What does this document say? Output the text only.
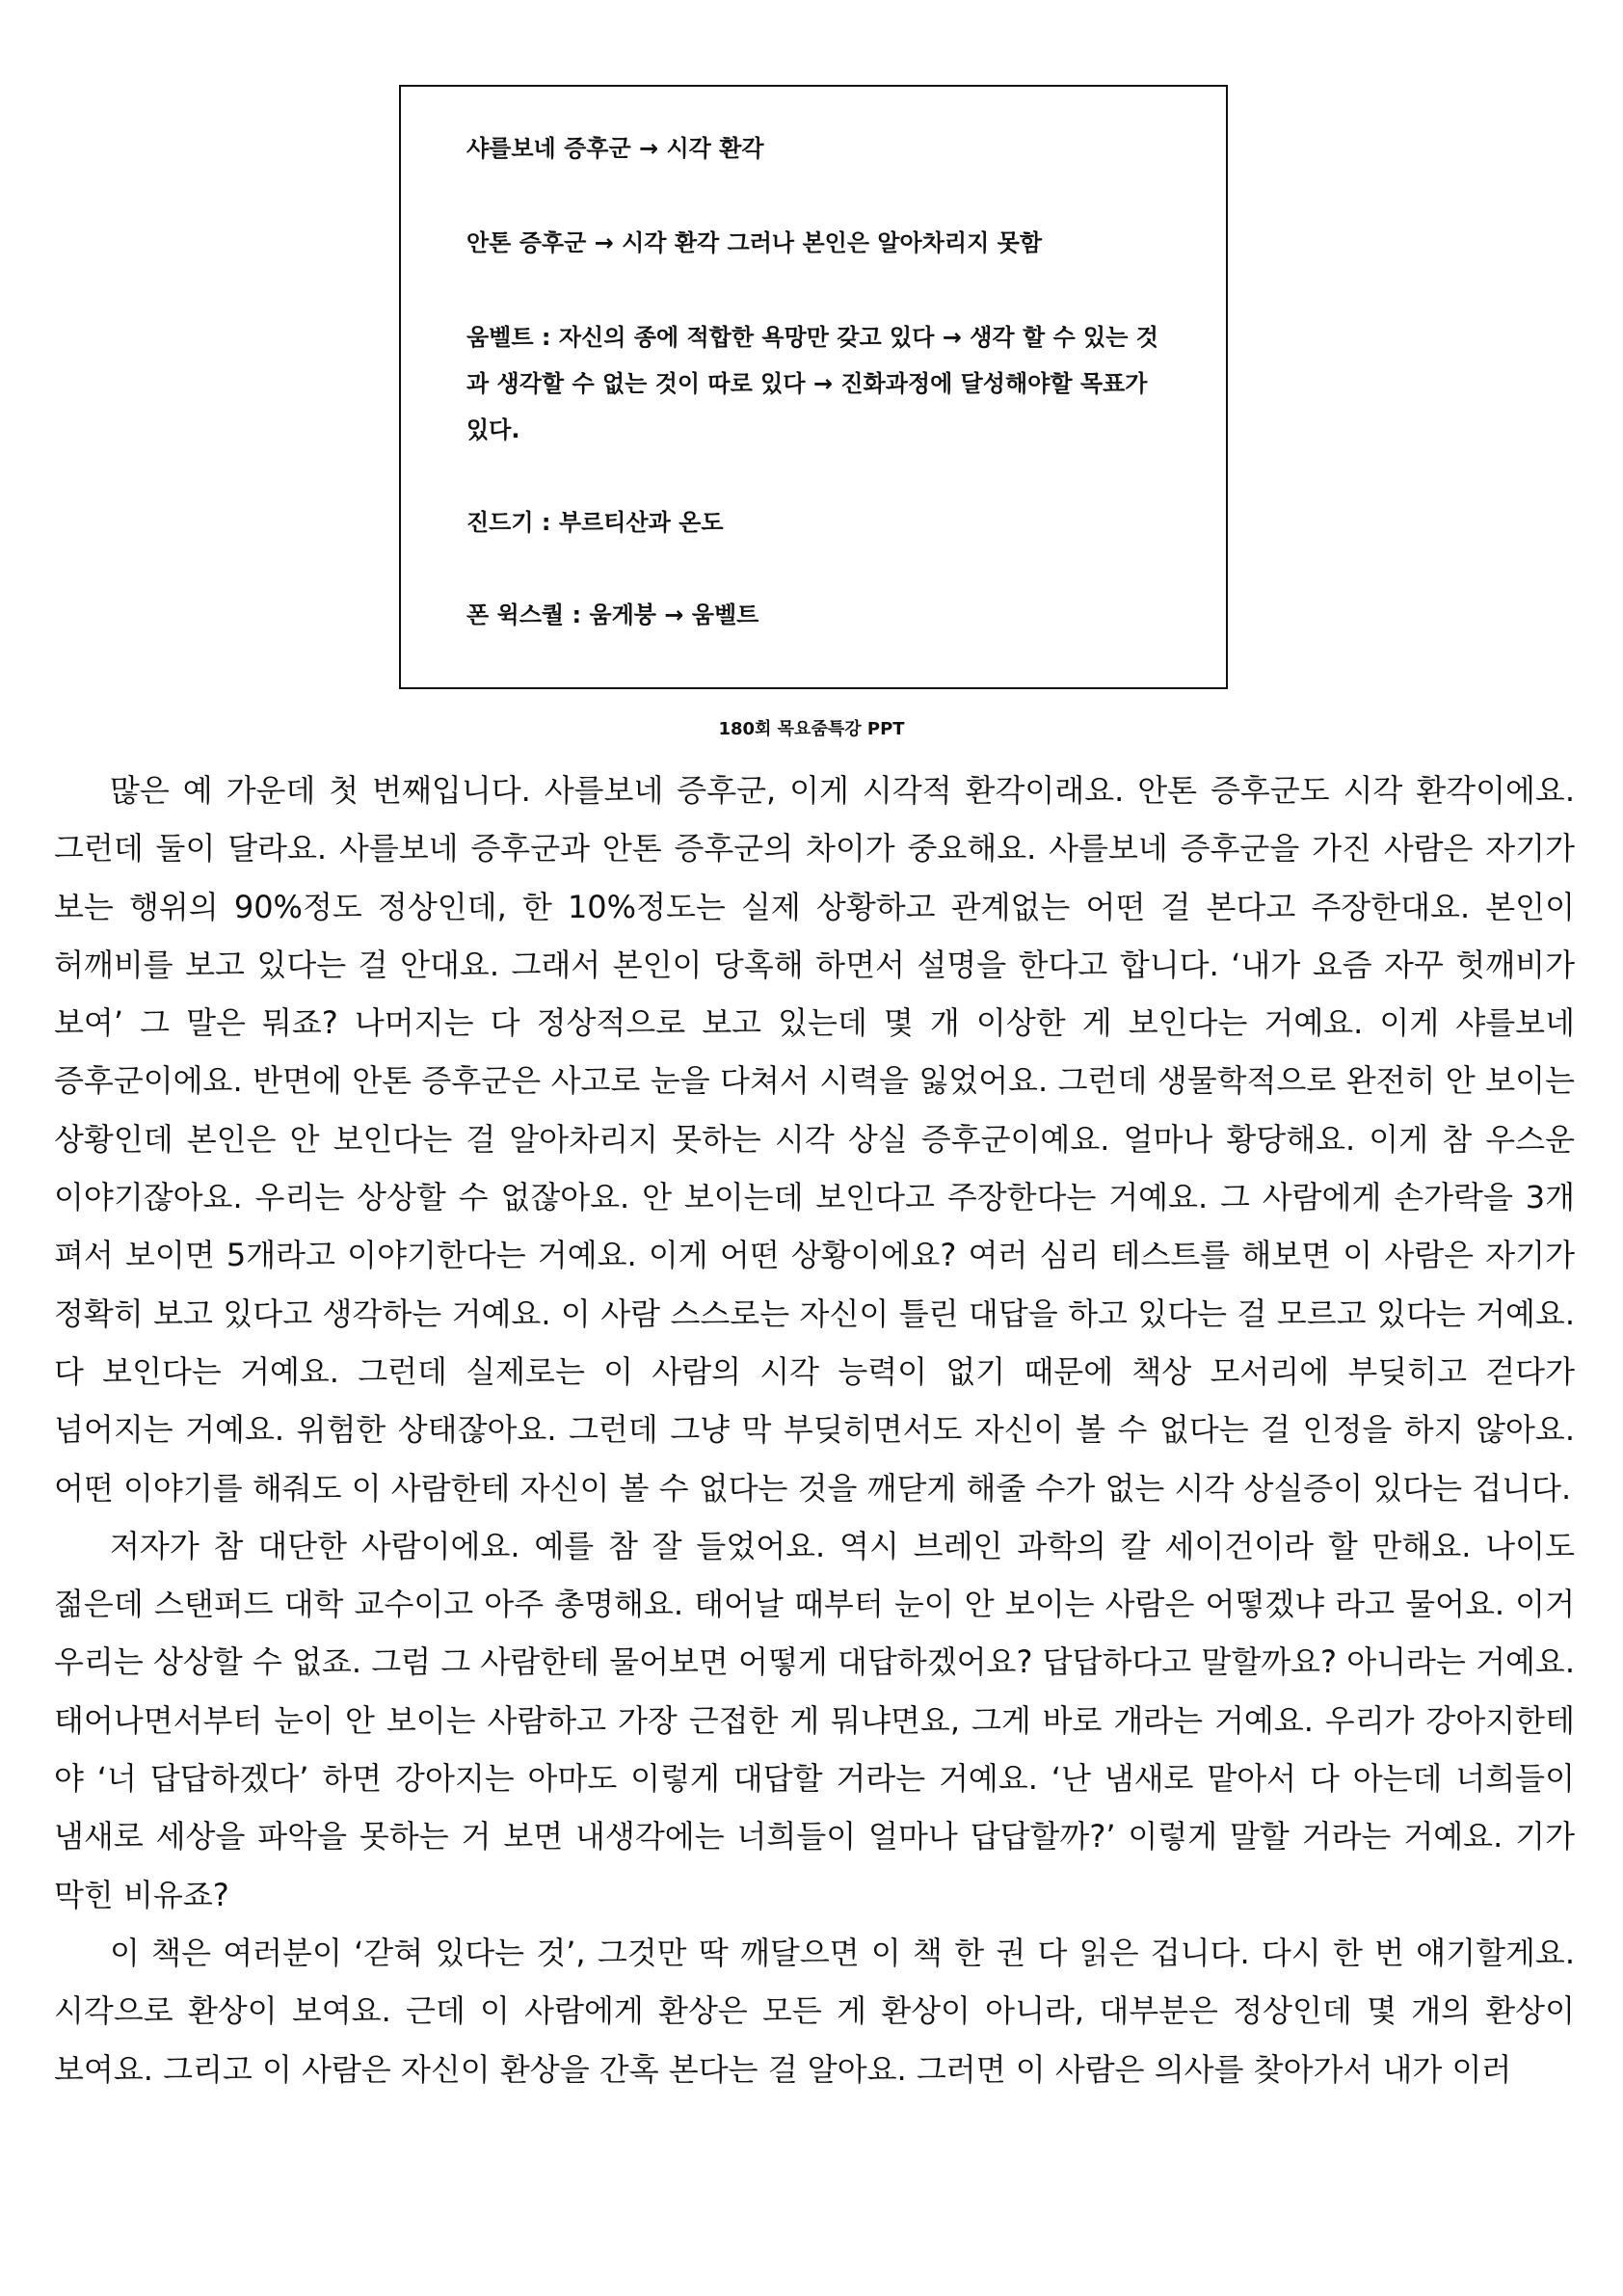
샤를보네 증후군 → 시각 환각
안톤 증후군 → 시각 환각 그러나 본인은 알아차리지 못함
움벨트 : 자신의 종에 적합한 욕망만 갖고 있다 → 생각 할 수 있는 것과 생각할 수 없는 것이 따로 있다 → 진화과정에 달성해야할 목표가 있다.
진드기 : 부르티산과 온도
폰 윅스퀄 : 움게붕 → 움벨트
180회 목요줌특강 PPT

많은 예 가운데 첫 번째입니다. 사를보네 증후군, 이게 시각적 환각이래요. 안톤 증후군도 시각 환각이에요. 그런데 둘이 달라요. 사를보네 증후군과 안톤 증후군의 차이가 중요해요. 사를보네 증후군을 가진 사람은 자기가 보는 행위의 90%정도 정상인데, 한 10%정도는 실제 상황하고 관계없는 어떤 걸 본다고 주장한대요. 본인이 허깨비를 보고 있다는 걸 안대요. 그래서 본인이 당혹해 하면서 설명을 한다고 합니다. ‘내가 요즘 자꾸 헛깨비가 보여’ 그 말은 뭐죠? 나머지는 다 정상적으로 보고 있는데 몇 개 이상한 게 보인다는 거예요. 이게 샤를보네 증후군이에요. 반면에 안톤 증후군은 사고로 눈을 다쳐서 시력을 잃었어요. 그런데 생물학적으로 완전히 안 보이는 상황인데 본인은 안 보인다는 걸 알아차리지 못하는 시각 상실 증후군이예요. 얼마나 황당해요. 이게 참 우스운 이야기잖아요. 우리는 상상할 수 없잖아요. 안 보이는데 보인다고 주장한다는 거예요. 그 사람에게 손가락을 3개 펴서 보이면 5개라고 이야기한다는 거예요. 이게 어떤 상황이에요? 여러 심리 테스트를 해보면 이 사람은 자기가 정확히 보고 있다고 생각하는 거예요. 이 사람 스스로는 자신이 틀린 대답을 하고 있다는 걸 모르고 있다는 거예요. 다 보인다는 거예요. 그런데 실제로는 이 사람의 시각 능력이 없기 때문에 책상 모서리에 부딪히고 걷다가 넘어지는 거예요. 위험한 상태잖아요. 그런데 그냥 막 부딪히면서도 자신이 볼 수 없다는 걸 인정을 하지 않아요. 어떤 이야기를 해줘도 이 사람한테 자신이 볼 수 없다는 것을 깨닫게 해줄 수가 없는 시각 상실증이 있다는 겁니다.

저자가 참 대단한 사람이에요. 예를 참 잘 들었어요. 역시 브레인 과학의 칼 세이건이라 할 만해요. 나이도 젊은데 스탠퍼드 대학 교수이고 아주 총명해요. 태어날 때부터 눈이 안 보이는 사람은 어떻겠냐 라고 물어요. 이거 우리는 상상할 수 없죠. 그럼 그 사람한테 물어보면 어떻게 대답하겠어요? 답답하다고 말할까요? 아니라는 거예요. 태어나면서부터 눈이 안 보이는 사람하고 가장 근접한 게 뭐냐면요, 그게 바로 개라는 거예요. 우리가 강아지한테 야 ‘너 답답하겠다’ 하면 강아지는 아마도 이렇게 대답할 거라는 거예요. ‘난 냄새로 맡아서 다 아는데 너희들이 냄새로 세상을 파악을 못하는 거 보면 내생각에는 너희들이 얼마나 답답할까?’ 이렇게 말할 거라는 거예요. 기가 막힌 비유죠?

이 책은 여러분이 ‘갇혀 있다는 것’, 그것만 딱 깨달으면 이 책 한 권 다 읽은 겁니다. 다시 한 번 얘기할게요. 시각으로 환상이 보여요. 근데 이 사람에게 환상은 모든 게 환상이 아니라, 대부분은 정상인데 몇 개의 환상이 보여요. 그리고 이 사람은 자신이 환상을 간혹 본다는 걸 알아요. 그러면 이 사람은 의사를 찾아가서 내가 이러
